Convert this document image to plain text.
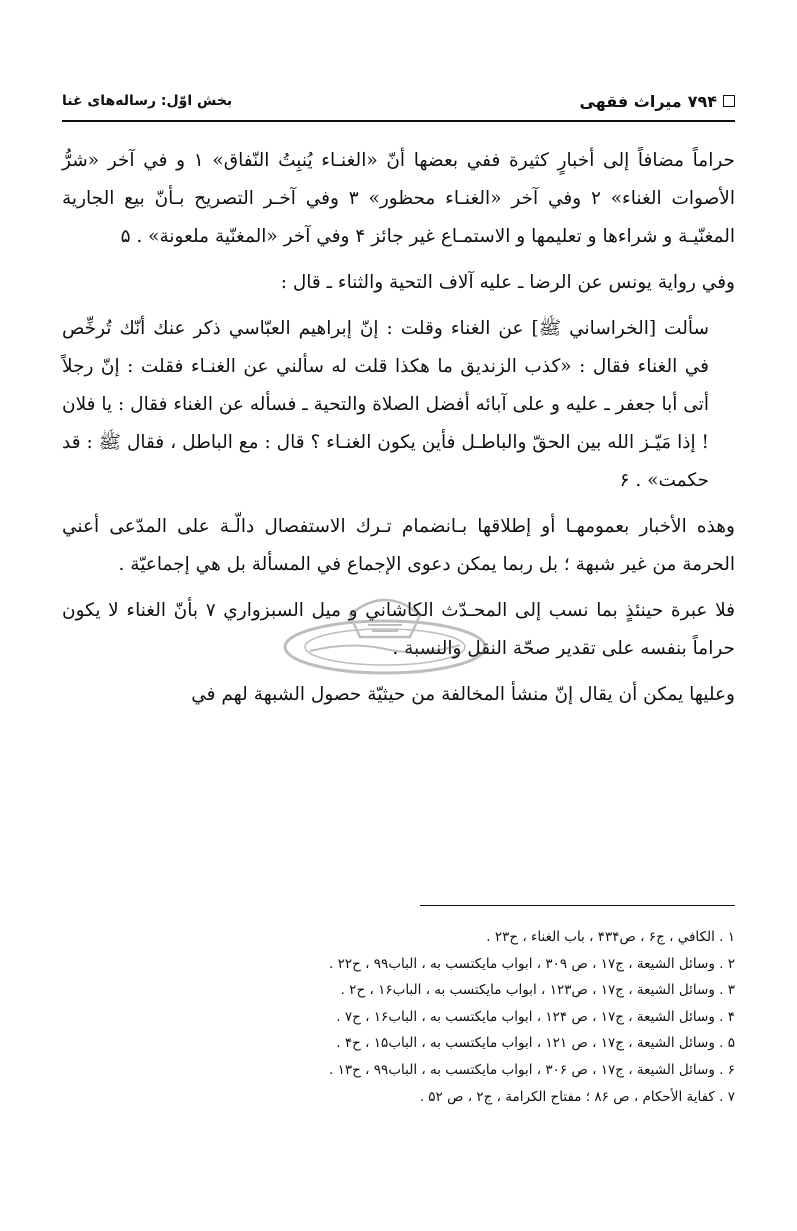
۷۹۴
میراث فقهی
بخش اوّل: رساله‌های غنا

حراماً مضافاً إلى أخبارٍ كثيرة ففي بعضها أنّ «الغنـاء يُنبِتُ النّفاق» ۱ و في آخر «شرُّ الأصوات الغناء» ۲ وفي آخر «الغنـاء محظور» ۳ وفي آخـر التصريح بـأنّ بيع الجارية المغنّيـة و شراءها و تعليمها و الاستمـاع غير جائز ۴ وفي آخر «المغنّية ملعونة» . ۵

وفي رواية يونس عن الرضا ـ عليه آلاف التحية والثناء ـ قال :

سألت [الخراساني ﷺ] عن الغناء وقلت : إنّ إبراهيم العبّاسي ذكر عنك أنّك تُرخِّص في الغناء فقال : «كذب الزنديق ما هكذا قلت له سألني عن الغنـاء فقلت : إنّ رجلاً أتى أبا جعفر ـ عليه و على آبائه أفضل الصلاة والتحية ـ فسأله عن الغناء فقال : يا فلان ! إذا مَيّـز الله بين الحقّ والباطـل فأين يكون الغنـاء ؟ قال : مع الباطل ، فقال ﷺ : قد حكمت» . ۶

وهذه الأخبار بعمومهـا أو إطلاقها بـانضمام تـرك الاستفصال دالّـة على المدّعى أعني الحرمة من غير شبهة ؛ بل ربما يمكن دعوى الإجماع في المسألة بل هي إجماعيّة .

فلا عبرة حينئذٍ بما نسب إلى المحـدّث الكاشاني و ميل السبزواري ۷ بأنّ الغناء لا يكون حراماً بنفسه على تقدير صحّة النقل والنسبة .

وعليها يمكن أن يقال إنّ منشأ المخالفة من حيثيّة حصول الشبهة لهم في

۱ . الكافي ، ج۶ ، ص۴۳۴ ، باب الغناء ، ح۲۳ .
۲ . وسائل الشيعة ، ج۱۷ ، ص ۳۰۹ ، ابواب مایکتسب به ، الباب۹۹ ، ح۲۲ .
۳ . وسائل الشيعة ، ج۱۷ ، ص۱۲۳ ، ابواب مایکتسب به ، الباب۱۶ ، ح۲ .
۴ . وسائل الشيعة ، ج۱۷ ، ص ۱۲۴ ، ابواب مایکتسب به ، الباب۱۶ ، ح۷ .
۵ . وسائل الشيعة ، ج۱۷ ، ص ۱۲۱ ، ابواب مایکتسب به ، الباب۱۵ ، ح۴ .
۶ . وسائل الشيعة ، ج۱۷ ، ص ۳۰۶ ، ابواب مایکتسب به ، الباب۹۹ ، ح۱۳ .
۷ . كفاية الأحكام ، ص ۸۶ ؛ مفتاح الكرامة ، ج۲ ، ص ۵۲ .
